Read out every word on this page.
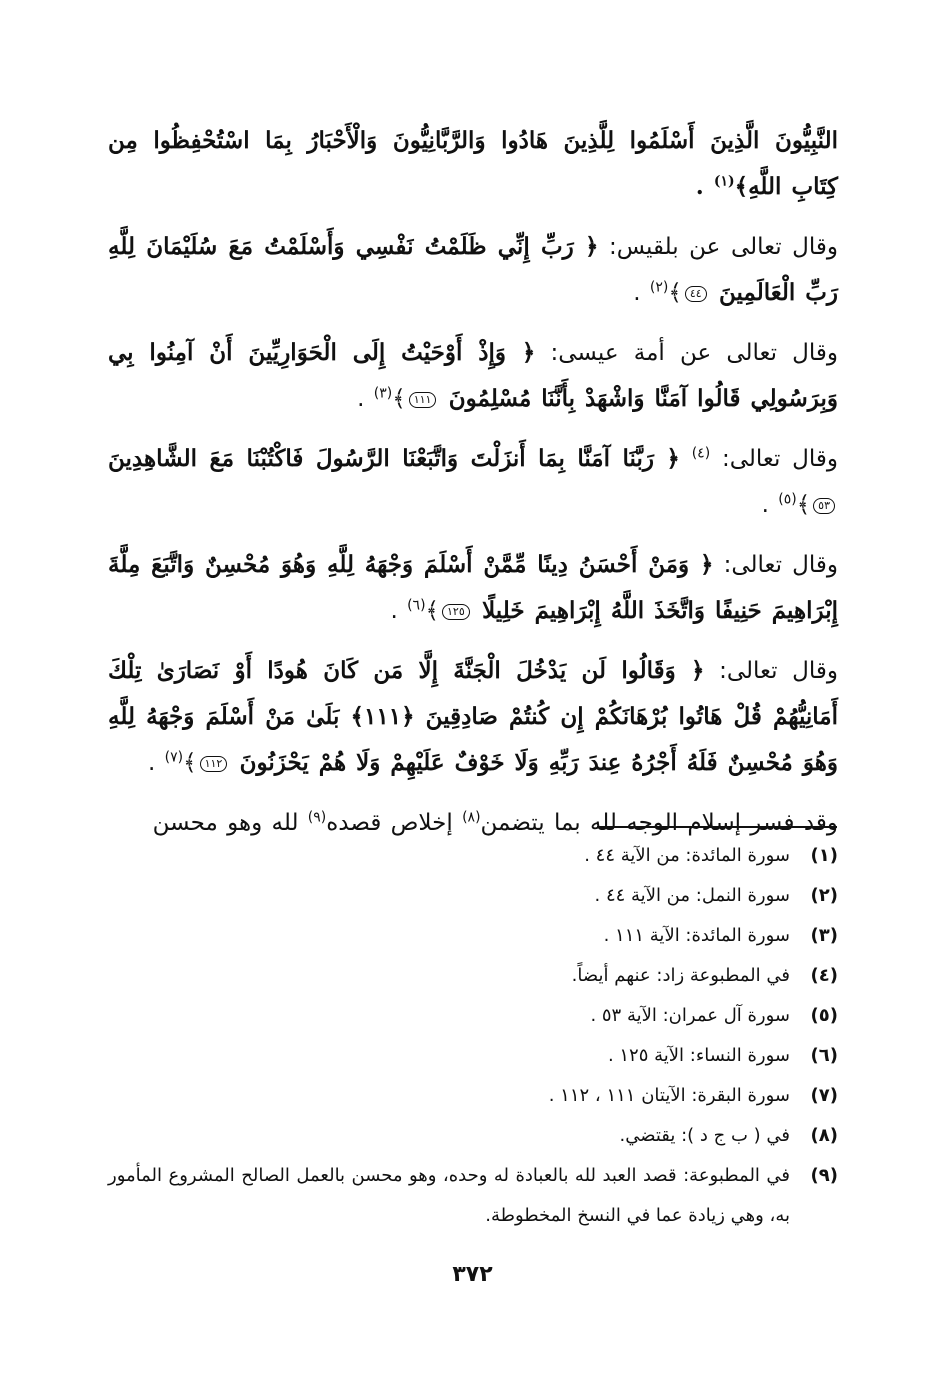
النَّبِيُّونَ الَّذِينَ أَسْلَمُوا لِلَّذِينَ هَادُوا وَالرَّبَّانِيُّونَ وَالْأَحْبَارُ بِمَا اسْتُحْفِظُوا مِن كِتَابِ اللَّهِ﴾$^{(١)}$ .

وقال تعالى عن بلقيس: ﴿ رَبِّ إِنِّي ظَلَمْتُ نَفْسِي وَأَسْلَمْتُ مَعَ سُلَيْمَانَ لِلَّهِ رَبِّ الْعَالَمِينَ ٤٤﴾$^{(٢)}$ .

وقال تعالى عن أمة عيسى: ﴿ وَإِذْ أَوْحَيْتُ إِلَى الْحَوَارِيِّينَ أَنْ آمِنُوا بِي وَبِرَسُولِي قَالُوا آمَنَّا وَاشْهَدْ بِأَنَّنَا مُسْلِمُونَ ١١١﴾$^{(٣)}$ .

وقال تعالى: $^{(٤)}$ ﴿ رَبَّنَا آمَنَّا بِمَا أَنزَلْتَ وَاتَّبَعْنَا الرَّسُولَ فَاكْتُبْنَا مَعَ الشَّاهِدِينَ ٥٣﴾$^{(٥)}$ .

وقال تعالى: ﴿ وَمَنْ أَحْسَنُ دِينًا مِّمَّنْ أَسْلَمَ وَجْهَهُ لِلَّهِ وَهُوَ مُحْسِنٌ وَاتَّبَعَ مِلَّةَ إِبْرَاهِيمَ حَنِيفًا وَاتَّخَذَ اللَّهُ إِبْرَاهِيمَ خَلِيلًا ١٢٥﴾$^{(٦)}$ .

وقال تعالى: ﴿ وَقَالُوا لَن يَدْخُلَ الْجَنَّةَ إِلَّا مَن كَانَ هُودًا أَوْ نَصَارَىٰ تِلْكَ أَمَانِيُّهُمْ قُلْ هَاتُوا بُرْهَانَكُمْ إِن كُنتُمْ صَادِقِينَ ﴿١١١﴾ بَلَىٰ مَنْ أَسْلَمَ وَجْهَهُ لِلَّهِ وَهُوَ مُحْسِنٌ فَلَهُ أَجْرُهُ عِندَ رَبِّهِ وَلَا خَوْفٌ عَلَيْهِمْ وَلَا هُمْ يَحْزَنُونَ ١١٢﴾$^{(٧)}$ .

وقد فسر إسلام الوجه لله بما يتضمن$^{(٨)}$ إخلاص قصده$^{(٩)}$ لله وهو محسن

(١)
سورة المائدة: من الآية ٤٤ .
(٢)
سورة النمل: من الآية ٤٤ .
(٣)
سورة المائدة: الآية ١١١ .
(٤)
في المطبوعة زاد: عنهم أيضاً.
(٥)
سورة آل عمران: الآية ٥٣ .
(٦)
سورة النساء: الآية ١٢٥ .
(٧)
سورة البقرة: الآيتان ١١١ ، ١١٢ .
(٨)
في ( ب ج د ): يقتضي.
(٩)
في المطبوعة: قصد العبد لله بالعبادة له وحده، وهو محسن بالعمل الصالح المشروع المأمور به، وهي زيادة عما في النسخ المخطوطة.
٣٧٢
